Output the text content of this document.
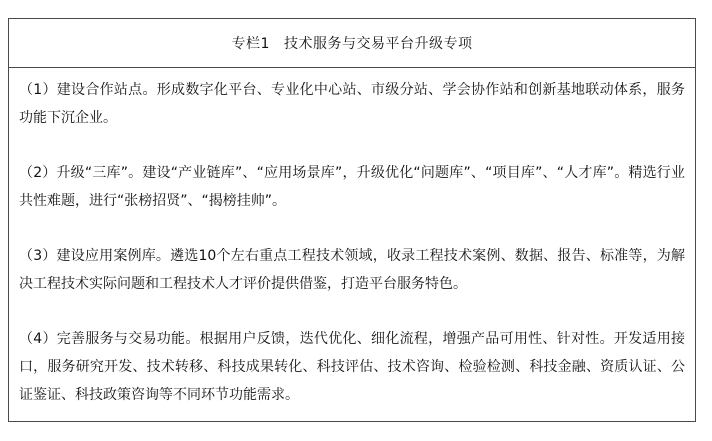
专栏1 技术服务与交易平台升级专项

（1）建设合作站点。形成数字化平台、专业化中心站、市级分站、学会协作站和创新基地联动体系，服务功能下沉企业。

（2）升级“三库”。建设“产业链库”、“应用场景库”，升级优化“问题库”、“项目库”、“人才库”。精选行业共性难题，进行“张榜招贤”、“揭榜挂帅”。

（3）建设应用案例库。遴选10个左右重点工程技术领域，收录工程技术案例、数据、报告、标准等，为解决工程技术实际问题和工程技术人才评价提供借鉴，打造平台服务特色。

（4）完善服务与交易功能。根据用户反馈，迭代优化、细化流程，增强产品可用性、针对性。开发适用接口，服务研究开发、技术转移、科技成果转化、科技评估、技术咨询、检验检测、科技金融、资质认证、公证鉴证、科技政策咨询等不同环节功能需求。
